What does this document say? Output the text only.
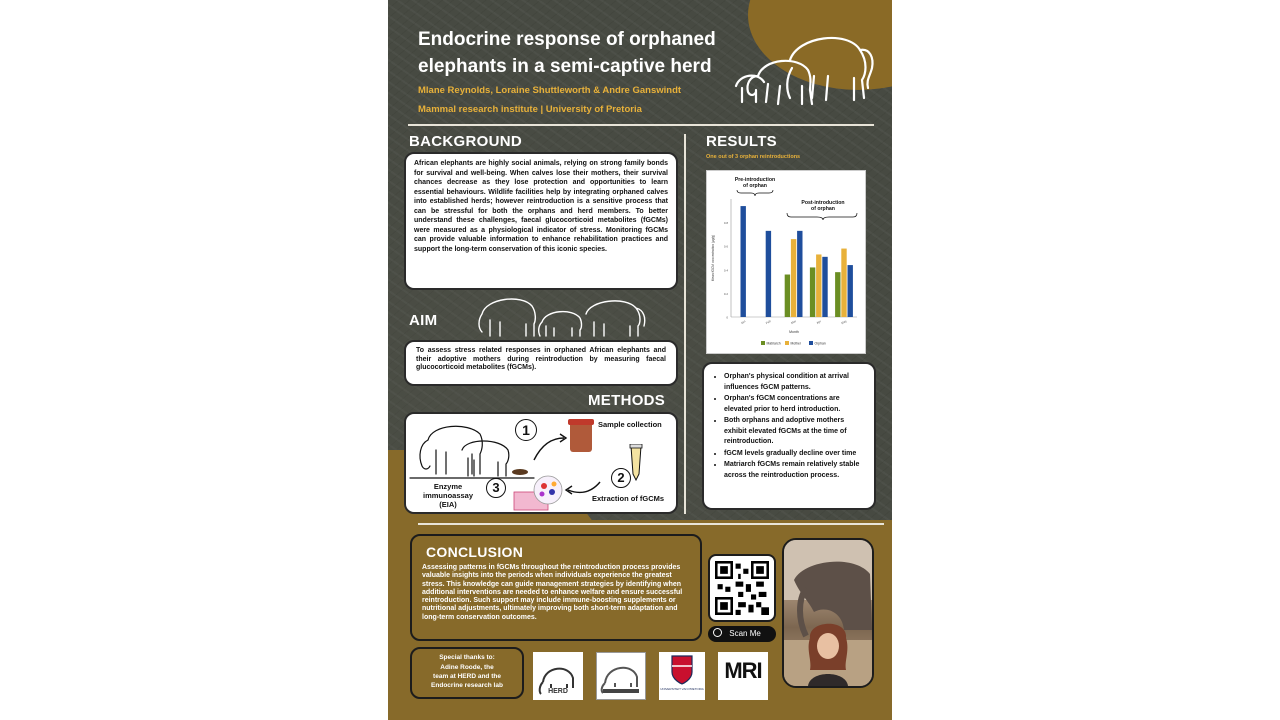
Endocrine response of orphaned
elephants in a semi-captive herd
Mlane Reynolds, Loraine Shuttleworth & Andre Ganswindt
Mammal research institute | University of Pretoria
BACKGROUND

African elephants are highly social animals, relying on strong family bonds for survival and well-being. When calves lose their mothers, their survival chances decrease as they lose protection and opportunities to learn essential behaviours. Wildlife facilities help by integrating orphaned calves into established herds; however reintroduction is a sensitive process that can be stressful for both the orphans and herd members. To better understand these challenges, faecal glucocorticoid metabolites (fGCMs) were measured as a physiological indicator of stress. Monitoring fGCMs can provide valuable information to enhance rehabilitation practices and support the long-term conservation of this iconic species.

AIM

To assess stress related responses in orphaned African elephants and their adoptive mothers during reintroduction by measuring faecal glucocorticoid metabolites (fGCMs).

METHODS
1	Sample collection
2
Extraction of fGCMs
3
Enzyme
immunoassay (EIA)
RESULTS
One out of 3 orphan reintroductions
0
0.2
0.4
0.6
0.8
Mean fGCM concentration (µg/g)
Jan	Feb	Mar	Apr	May
Month
Pre-introduction
of orphan
Post-introduction
of orphan
Matriarch	Mother	Orphan
• Orphan's physical condition at arrival influences fGCM patterns.
• Orphan's fGCM concentrations are elevated prior to herd introduction.
• Both orphans and adoptive mothers exhibit elevated fGCMs at the time of reintroduction.
• fGCM levels gradually decline over time
• Matriarch fGCMs remain relatively stable across the reintroduction process.
CONCLUSION
Assessing patterns in fGCMs throughout the reintroduction process provides valuable insights into the periods when individuals experience the greatest stress. This knowledge can guide management strategies by identifying when additional interventions are needed to enhance welfare and ensure successful reintroduction. Such support may include immune-boosting supplements or nutritional adjustments, ultimately improving both short-term adaptation and long-term conservation outcomes.
Special thanks to:
Adine Roode, the
team at HERD and the
Endocrine research lab
HERD	UNIVERSITEIT VAN PRETORIA
MRI
Scan Me
